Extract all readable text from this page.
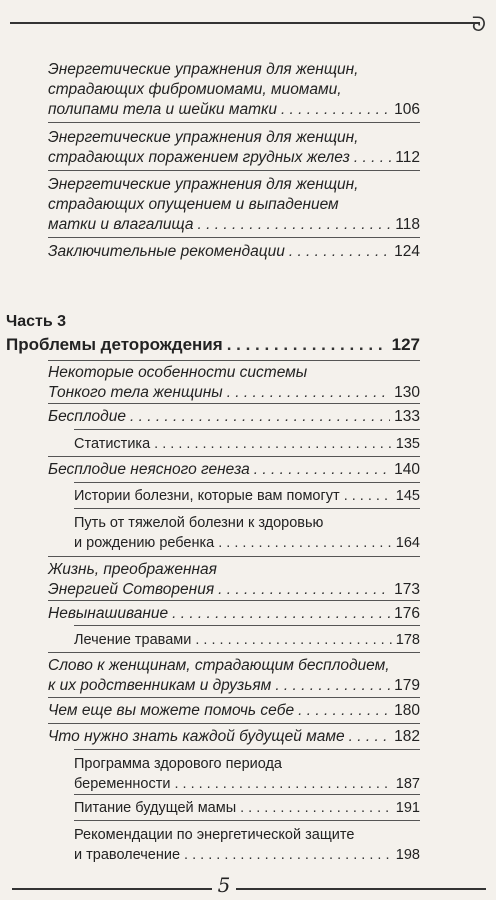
ᘐ
Энергетические упражнения для женщин,
страдающих фибромиомами, миомами,
полипами тела и шейки матки . . .	106
Энергетические упражнения для женщин,
страдающих поражением грудных желез . . .	112
Энергетические упражнения для женщин,
страдающих опущением и выпадением
матки и влагалища . . .	118
Заключительные рекомендации . . .	124
Часть 3
Проблемы деторождения . . .	127
Некоторые особенности системы
Тонкого тела женщины . . .	130
Бесплодие . . .	133
Статистика . . .	135
Бесплодие неясного генеза . . .	140
Истории болезни, которые вам помогут . . .	145
Путь от тяжелой болезни к здоровью
и рождению ребенка . . .	164
Жизнь, преображенная
Энергией Сотворения . . .	173
Невынашивание . . .	176
Лечение травами . . .	178
Слово к женщинам, страдающим бесплодием,
к их родственникам и друзьям . . .	179
Чем еще вы можете помочь себе . . .	180
Что нужно знать каждой будущей маме . . .	182
Программа здорового периода
беременности . . .	187
Питание будущей мамы . . .	191
Рекомендации по энергетической защите
и траволечение . . .	198
5
